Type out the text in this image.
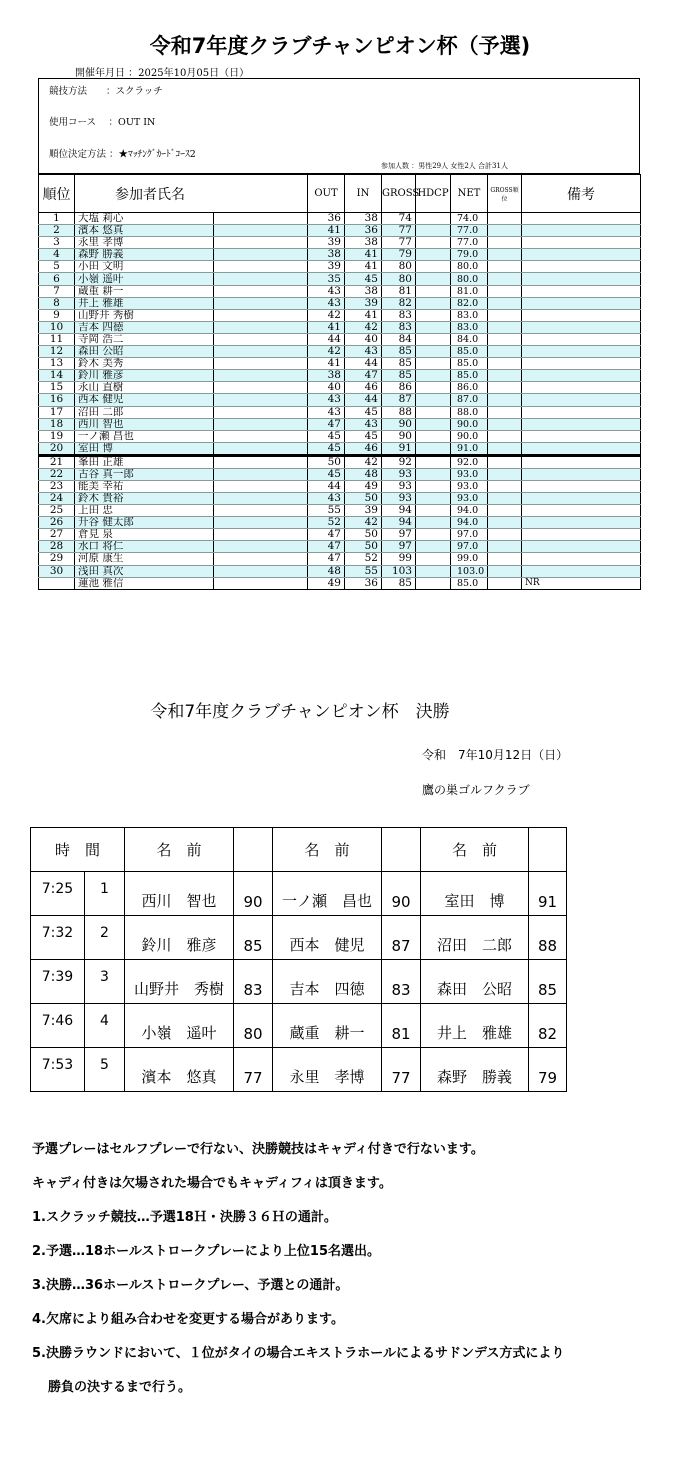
令和7年度クラブチャンピオン杯（予選)
開催年月日 ：2025年10月05日（日）
競技方法　　：スクラッチ
使用コース　 ：OUT IN
順位決定方法 ：★ﾏｯﾁﾝｸﾞｶｰﾄﾞｺｰｽ2
参加人数 ：男性29人 女性2人 合計31人
順位	参加者氏名		OUT	IN	GROSS	HDCP	NET	GROSS順位	備考
1	大塩 莉心		36	38	74		74.0		
2	濱本 悠真		41	36	77		77.0		
3	永里 孝博		39	38	77		77.0		
4	森野 勝義		38	41	79		79.0		
5	小田 文明		39	41	80		80.0		
6	小嶺 遥叶		35	45	80		80.0		
7	蔵重 耕一		43	38	81		81.0		
8	井上 雅雄		43	39	82		82.0		
9	山野井 秀樹		42	41	83		83.0		
10	吉本 四徳		41	42	83		83.0		
11	寺岡 浩二		44	40	84		84.0		
12	森田 公昭		42	43	85		85.0		
13	鈴木 美秀		41	44	85		85.0		
14	鈴川 雅彦		38	47	85		85.0		
15	永山 直樹		40	46	86		86.0		
16	西本 健児		43	44	87		87.0		
17	沼田 二郎		43	45	88		88.0		
18	西川 智也		47	43	90		90.0		
19	一ノ瀬 昌也		45	45	90		90.0		
20	室田 博		45	46	91		91.0		
21	峯田 正雄		50	42	92		92.0		
22	古谷 真一郎		45	48	93		93.0		
23	能美 幸祐		44	49	93		93.0		
24	鈴木 貴裕		43	50	93		93.0		
25	上田 忠		55	39	94		94.0		
26	升谷 健太郎		52	42	94		94.0		
27	倉見 泉		47	50	97		97.0		
28	水口 将仁		47	50	97		97.0		
29	河原 康生		47	52	99		99.0		
30	浅田 真次		48	55	103		103.0		
	蓮池 雅信		49	36	85		85.0		NR
令和7年度クラブチャンピオン杯　決勝
令和　7年10月12日（日）
鷹の巣ゴルフクラブ
時　間		名　前		名　前		名　前	
7:25	1	西川　智也	90	一ノ瀬　昌也	90	室田　博	91
7:32	2	鈴川　雅彦	85	西本　健児	87	沼田　二郎	88
7:39	3	山野井　秀樹	83	吉本　四徳	83	森田　公昭	85
7:46	4	小嶺　遥叶	80	蔵重　耕一	81	井上　雅雄	82
7:53	5	濱本　悠真	77	永里　孝博	77	森野　勝義	79

予選プレーはセルフプレーで行ない、決勝競技はキャディ付きで行ないます。

キャディ付きは欠場された場合でもキャディフィは頂きます。

1.スクラッチ競技…予選18Ｈ・決勝３６Ｈの通計。

2.予選…18ホールストロークプレーにより上位15名選出。

3.決勝…36ホールストロークプレー、予選との通計。

4.欠席により組み合わせを変更する場合があります。

5.決勝ラウンドにおいて、１位がタイの場合エキストラホールによるサドンデス方式により

勝負の決するまで行う。
